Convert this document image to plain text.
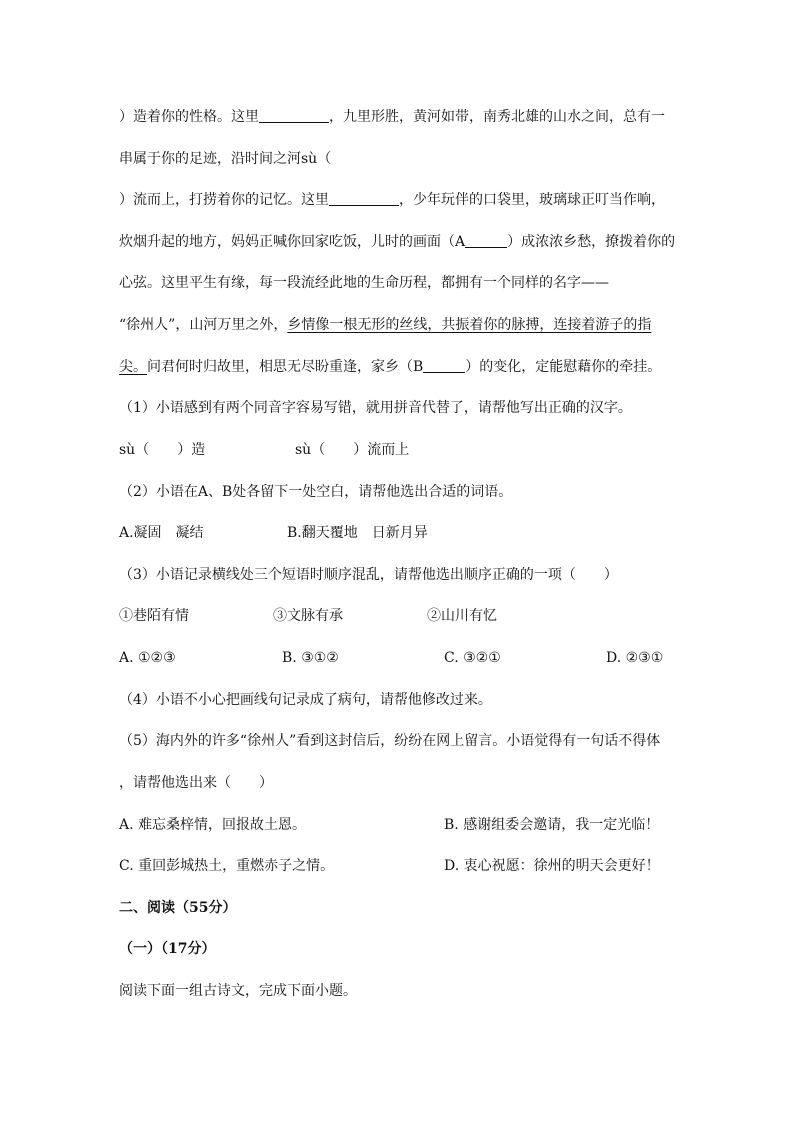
）造着你的性格。这里	，九里形胜，黄河如带，南秀北雄的山水之间，总有一
串属于你的足迹，沿时间之河sù（
）流而上，打捞着你的记忆。这里	，少年玩伴的口袋里，玻璃球正叮当作响，
炊烟升起的地方，妈妈正喊你回家吃饭，儿时的画面（A	）成浓浓乡愁，撩拨着你的
心弦。这里平生有缘，每一段流经此地的生命历程，都拥有一个同样的名字——
“徐州人”，山河万里之外，乡情像一根无形的丝线，共振着你的脉搏，连接着游子的指
尖。问君何时归故里，相思无尽盼重逢，家乡（B	）的变化，定能慰藉你的牵挂。
（1）小语感到有两个同音字容易写错，就用拼音代替了，请帮他写出正确的汉字。
sù（　　）造	sù（　　）流而上
（2）小语在A、B处各留下一处空白，请帮他选出合适的词语。
A.凝固　凝结	B.翻天覆地　日新月异
（3）小语记录横线处三个短语时顺序混乱，请帮他选出顺序正确的一项（　　）
①巷陌有情	③文脉有承	②山川有忆
A. ①②③	B. ③①②	C. ③②①	D. ②③①
（4）小语不小心把画线句记录成了病句，请帮他修改过来。
（5）海内外的许多“徐州人”看到这封信后，纷纷在网上留言。小语觉得有一句话不得体
，请帮他选出来（　　）
A. 难忘桑梓情，回报故土恩。	B. 感谢组委会邀请，我一定光临！
C. 重回彭城热土，重燃赤子之情。	D. 衷心祝愿：徐州的明天会更好！
二、阅读（55分）
（一）（17分）
阅读下面一组古诗文，完成下面小题。
